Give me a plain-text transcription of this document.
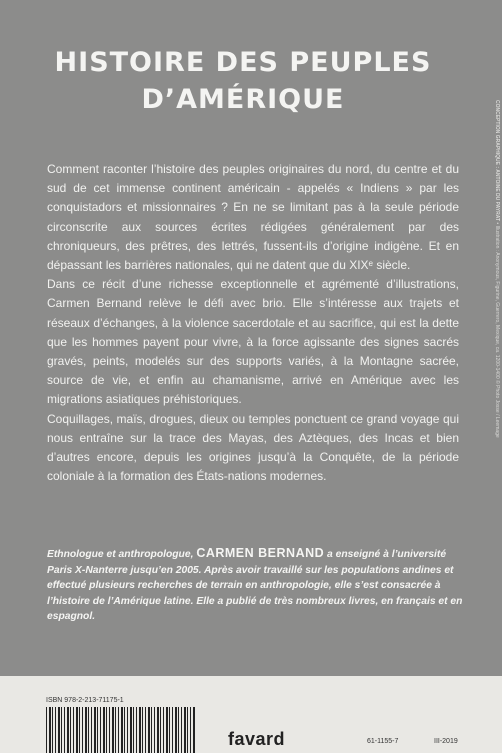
HISTOIRE DES PEUPLES
D’AMÉRIQUE
CONCEPTION GRAPHIQUE : ANTOINE DU PAYRAT • Illustration : Anonymous, Figurine, Guerrero, Mexique, ca. 1200-1400 © Photo Josse / Leemage

Comment raconter l’histoire des peuples originaires du nord, du centre et du sud de cet immense continent américain - appelés « Indiens » par les conquistadors et missionnaires ? En ne se limitant pas à la seule période circonscrite aux sources écrites rédigées généralement par des chroniqueurs, des prêtres, des lettrés, fussent-ils d’origine indigène. Et en dépassant les barrières nationales, qui ne datent que du XIXᵉ siècle.

Dans ce récit d’une richesse exceptionnelle et agrémenté d’illustrations, Carmen Bernand relève le défi avec brio. Elle s’intéresse aux trajets et réseaux d’échanges, à la violence sacerdotale et au sacrifice, qui est la dette que les hommes payent pour vivre, à la force agissante des signes sacrés gravés, peints, modelés sur des supports variés, à la Montagne sacrée, source de vie, et enfin au chamanisme, arrivé en Amérique avec les migrations asiatiques préhistoriques.

Coquillages, maïs, drogues, dieux ou temples ponctuent ce grand voyage qui nous entraîne sur la trace des Mayas, des Aztèques, des Incas et bien d’autres encore, depuis les origines jusqu’à la Conquête, de la période coloniale à la formation des États-nations modernes.

Ethnologue et anthropologue, CARMEN BERNAND a enseigné à l’université Paris X-Nanterre jusqu’en 2005. Après avoir travaillé sur les populations andines et effectué plusieurs recherches de terrain en anthropologie, elle s’est consacrée à l’histoire de l’Amérique latine. Elle a publié de très nombreux livres, en français et en espagnol.
ISBN 978-2-213-71175-1
favard	61-1155-7	III-2019
